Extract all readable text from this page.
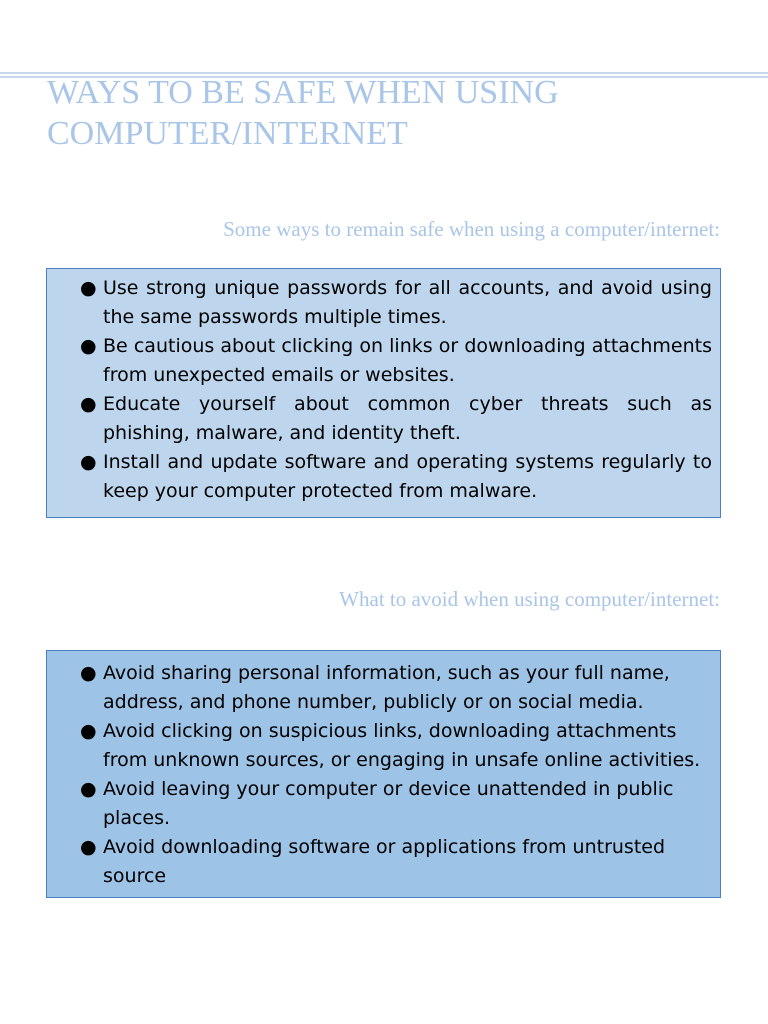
WAYS TO BE SAFE WHEN USING COMPUTER/INTERNET

Some ways to remain safe when using a computer/internet:

● Use strong unique passwords for all accounts, and avoid using the same passwords multiple times.
● Be cautious about clicking on links or downloading attachments from unexpected emails or websites.
● Educate yourself about common cyber threats such as phishing, malware, and identity theft.
● Install and update software and operating systems regularly to keep your computer protected from malware.

What to avoid when using computer/internet:

● Avoid sharing personal information, such as your full name, address, and phone number, publicly or on social media.
● Avoid clicking on suspicious links, downloading attachments from unknown sources, or engaging in unsafe online activities.
● Avoid leaving your computer or device unattended in public places.
● Avoid downloading software or applications from untrusted source
